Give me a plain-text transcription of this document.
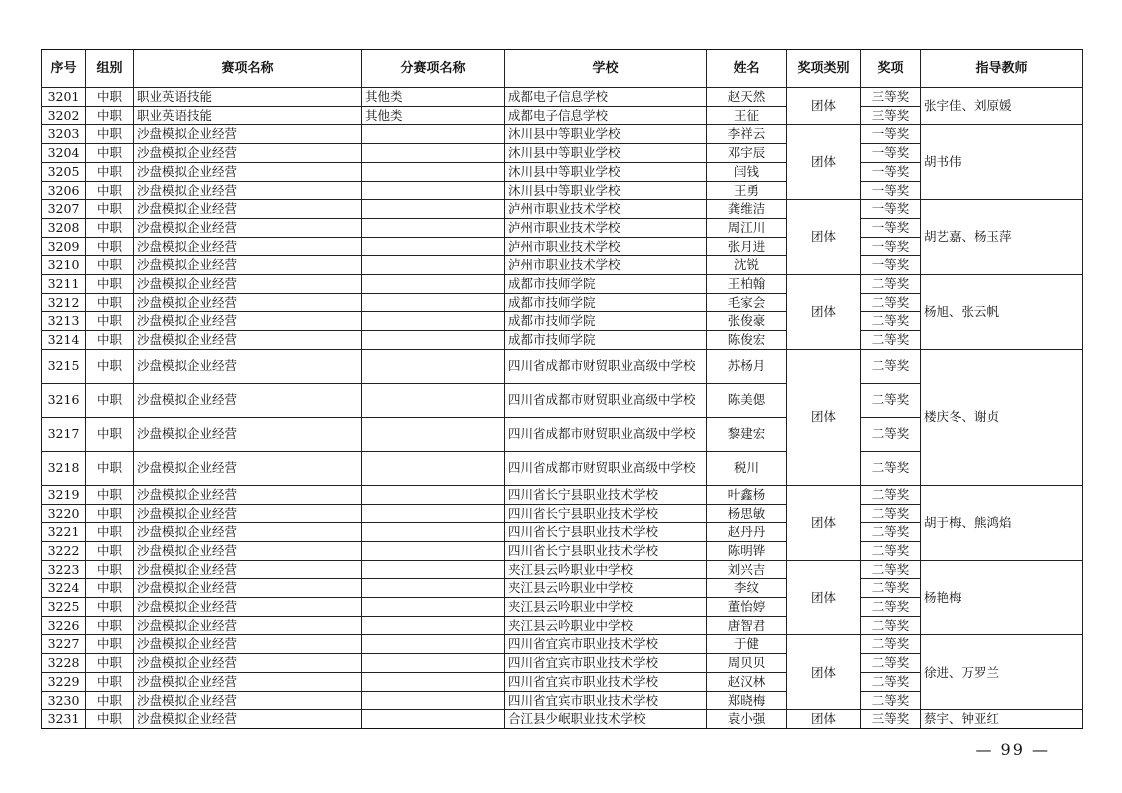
序号	组别	赛项名称	分赛项名称	学校	姓名	奖项类别	奖项	指导教师
3201	中职	职业英语技能	其他类	成都电子信息学校	赵天然	团体	三等奖	张宇佳、刘原媛
3202	中职	职业英语技能	其他类	成都电子信息学校	王征		三等奖	
3203	中职	沙盘模拟企业经营		沐川县中等职业学校	李祥云	团体	一等奖	胡书伟
3204	中职	沙盘模拟企业经营		沐川县中等职业学校	邓宇辰		一等奖	
3205	中职	沙盘模拟企业经营		沐川县中等职业学校	闫钱		一等奖	
3206	中职	沙盘模拟企业经营		沐川县中等职业学校	王勇		一等奖	
3207	中职	沙盘模拟企业经营		泸州市职业技术学校	龚维洁	团体	一等奖	胡艺嘉、杨玉萍
3208	中职	沙盘模拟企业经营		泸州市职业技术学校	周江川		一等奖	
3209	中职	沙盘模拟企业经营		泸州市职业技术学校	张月进		一等奖	
3210	中职	沙盘模拟企业经营		泸州市职业技术学校	沈锐		一等奖	
3211	中职	沙盘模拟企业经营		成都市技师学院	王柏翰	团体	二等奖	杨旭、张云帆
3212	中职	沙盘模拟企业经营		成都市技师学院	毛家会		二等奖	
3213	中职	沙盘模拟企业经营		成都市技师学院	张俊豪		二等奖	
3214	中职	沙盘模拟企业经营		成都市技师学院	陈俊宏		二等奖	
3215	中职	沙盘模拟企业经营		四川省成都市财贸职业高级中学校	苏杨月	团体	二等奖	楼庆冬、谢贞
3216	中职	沙盘模拟企业经营		四川省成都市财贸职业高级中学校	陈美偲		二等奖	
3217	中职	沙盘模拟企业经营		四川省成都市财贸职业高级中学校	黎建宏		二等奖	
3218	中职	沙盘模拟企业经营		四川省成都市财贸职业高级中学校	税川		二等奖	
3219	中职	沙盘模拟企业经营		四川省长宁县职业技术学校	叶鑫杨	团体	二等奖	胡于梅、熊鸿焰
3220	中职	沙盘模拟企业经营		四川省长宁县职业技术学校	杨思敏		二等奖	
3221	中职	沙盘模拟企业经营		四川省长宁县职业技术学校	赵丹丹		二等奖	
3222	中职	沙盘模拟企业经营		四川省长宁县职业技术学校	陈明铧		二等奖	
3223	中职	沙盘模拟企业经营		夹江县云吟职业中学校	刘兴吉	团体	二等奖	杨艳梅
3224	中职	沙盘模拟企业经营		夹江县云吟职业中学校	李纹		二等奖	
3225	中职	沙盘模拟企业经营		夹江县云吟职业中学校	董怡婷		二等奖	
3226	中职	沙盘模拟企业经营		夹江县云吟职业中学校	唐智君		二等奖	
3227	中职	沙盘模拟企业经营		四川省宜宾市职业技术学校	于健	团体	二等奖	徐进、万罗兰
3228	中职	沙盘模拟企业经营		四川省宜宾市职业技术学校	周贝贝		二等奖	
3229	中职	沙盘模拟企业经营		四川省宜宾市职业技术学校	赵汉林		二等奖	
3230	中职	沙盘模拟企业经营		四川省宜宾市职业技术学校	郑晓梅		二等奖	
3231	中职	沙盘模拟企业经营		合江县少岷职业技术学校	袁小强	团体	三等奖	蔡宇、钟亚红
— 99 —
